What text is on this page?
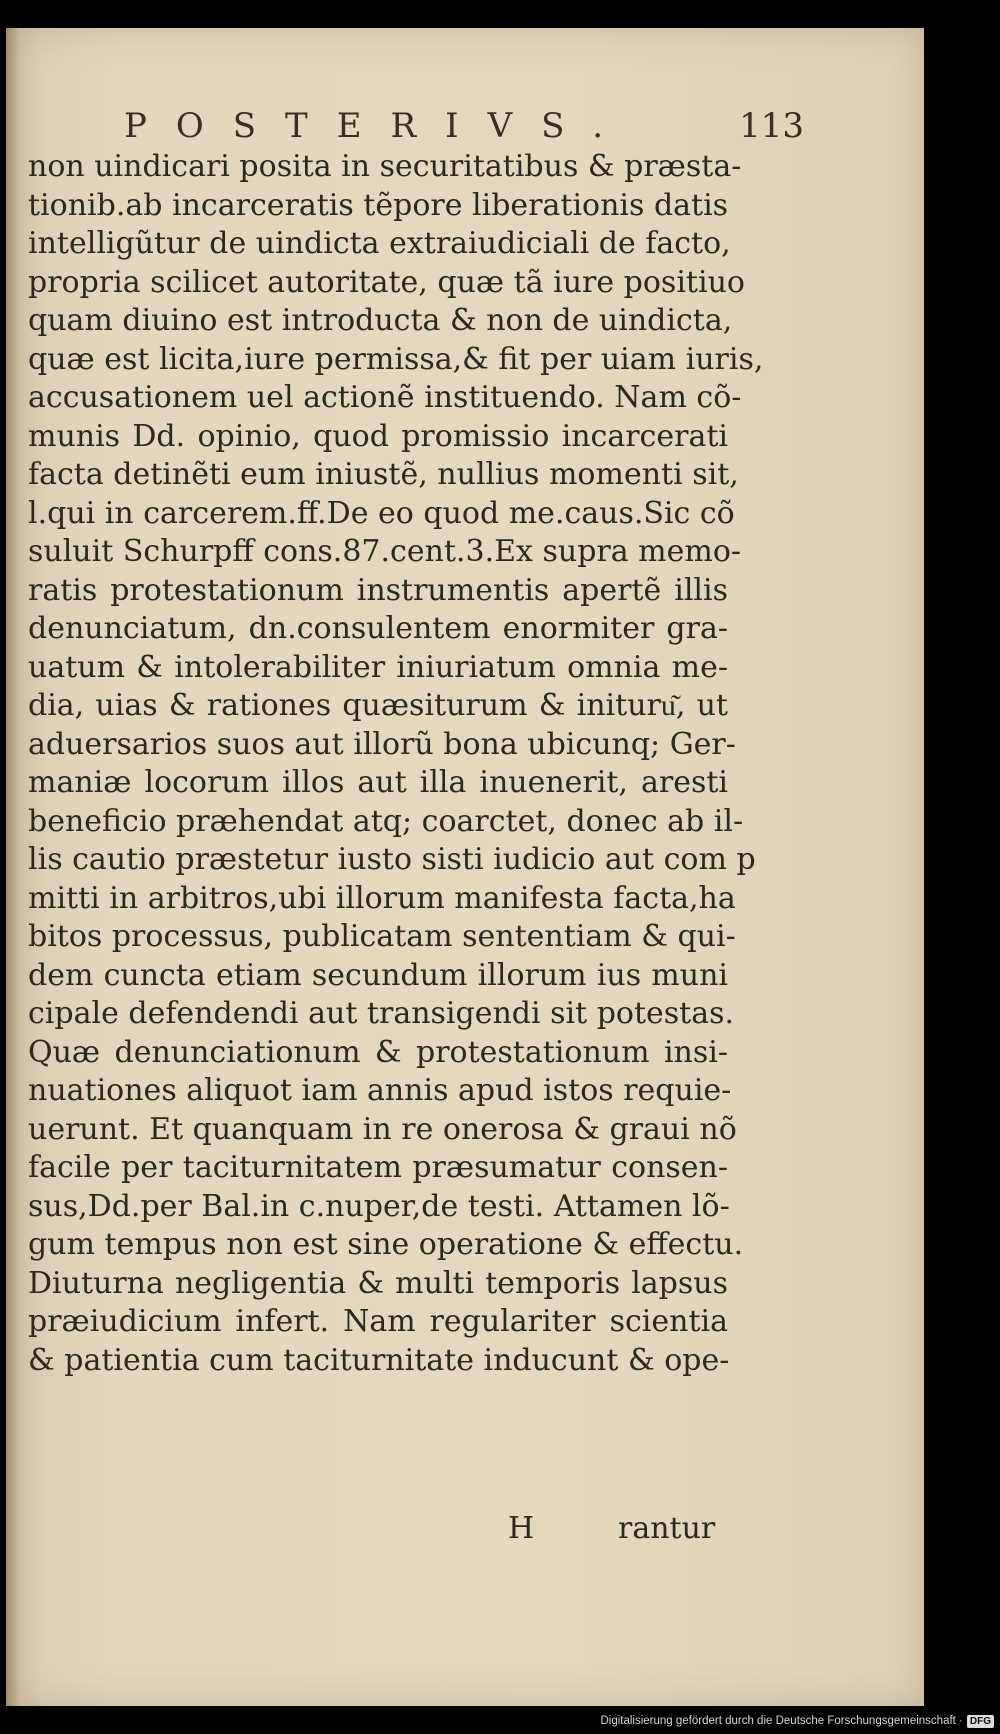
POSTERIVS.	113
non uindicari posita in securitatibus & præsta-
tionib.ab incarceratis tẽpore liberationis datis
intelligũtur de uindicta extraiudiciali de facto,
propria scilicet autoritate, quæ tã iure positiuo
quam diuino est introducta & non de uindicta,
quæ est licita,iure permissa,& fit per uiam iuris,
accusationem uel actionẽ instituendo. Nam cõ-
munis Dd. opinio, quod promissio incarcerati
facta detinẽti eum iniustẽ, nullius momenti sit,
l.qui in carcerem.ff.De eo quod me.caus.Sic cõ
suluit Schurpff cons.87.cent.3.Ex supra memo-
ratis protestationum instrumentis apertẽ illis
denunciatum, dn.consulentem enormiter gra-
uatum & intolerabiliter iniuriatum omnia me-
dia, uias & rationes quæsiturum & inituru͂, ut
aduersarios suos aut illorũ bona ubicunq; Ger-
maniæ locorum illos aut illa inuenerit, aresti
beneficio præhendat atq; coarctet, donec ab il-
lis cautio præstetur iusto sisti iudicio aut com p
mitti in arbitros,ubi illorum manifesta facta,ha
bitos processus, publicatam sententiam & qui-
dem cuncta etiam secundum illorum ius muni
cipale defendendi aut transigendi sit potestas.
Quæ denunciationum & protestationum insi-
nuationes aliquot iam annis apud istos requie-
uerunt. Et quanquam in re onerosa & graui nõ
facile per taciturnitatem præsumatur consen-
sus,Dd.per Bal.in c.nuper,de testi. Attamen lõ-
gum tempus non est sine operatione & effectu.
Diuturna negligentia & multi temporis lapsus
præiudicium infert. Nam regulariter scientia
& patientia cum taciturnitate inducunt & ope-
H	rantur
Digitalisierung gefördert durch die Deutsche Forschungsgemeinschaft · DFG
